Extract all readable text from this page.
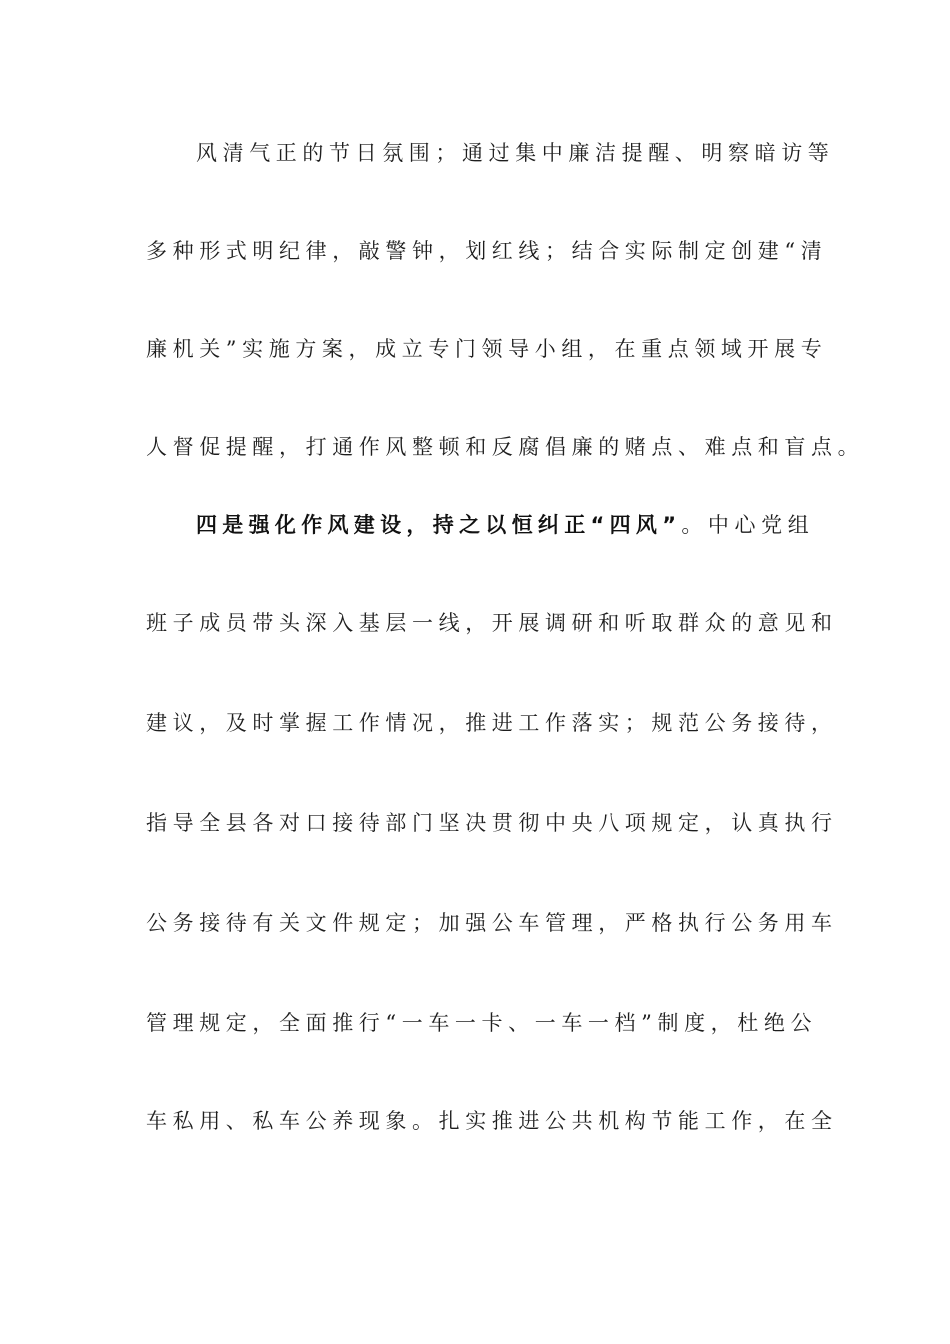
风清气正的节日氛围；通过集中廉洁提醒、明察暗访等
多种形式明纪律，敲警钟，划红线；结合实际制定创建“清
廉机关”实施方案，成立专门领导小组，在重点领域开展专
人督促提醒，打通作风整顿和反腐倡廉的赌点、难点和盲点。
四是强化作风建设，持之以恒纠正“四风”。中心党组
班子成员带头深入基层一线，开展调研和听取群众的意见和
建议，及时掌握工作情况，推进工作落实；规范公务接待，
指导全县各对口接待部门坚决贯彻中央八项规定，认真执行
公务接待有关文件规定；加强公车管理，严格执行公务用车
管理规定，全面推行“一车一卡、一车一档”制度，杜绝公
车私用、私车公养现象。扎实推进公共机构节能工作，在全
